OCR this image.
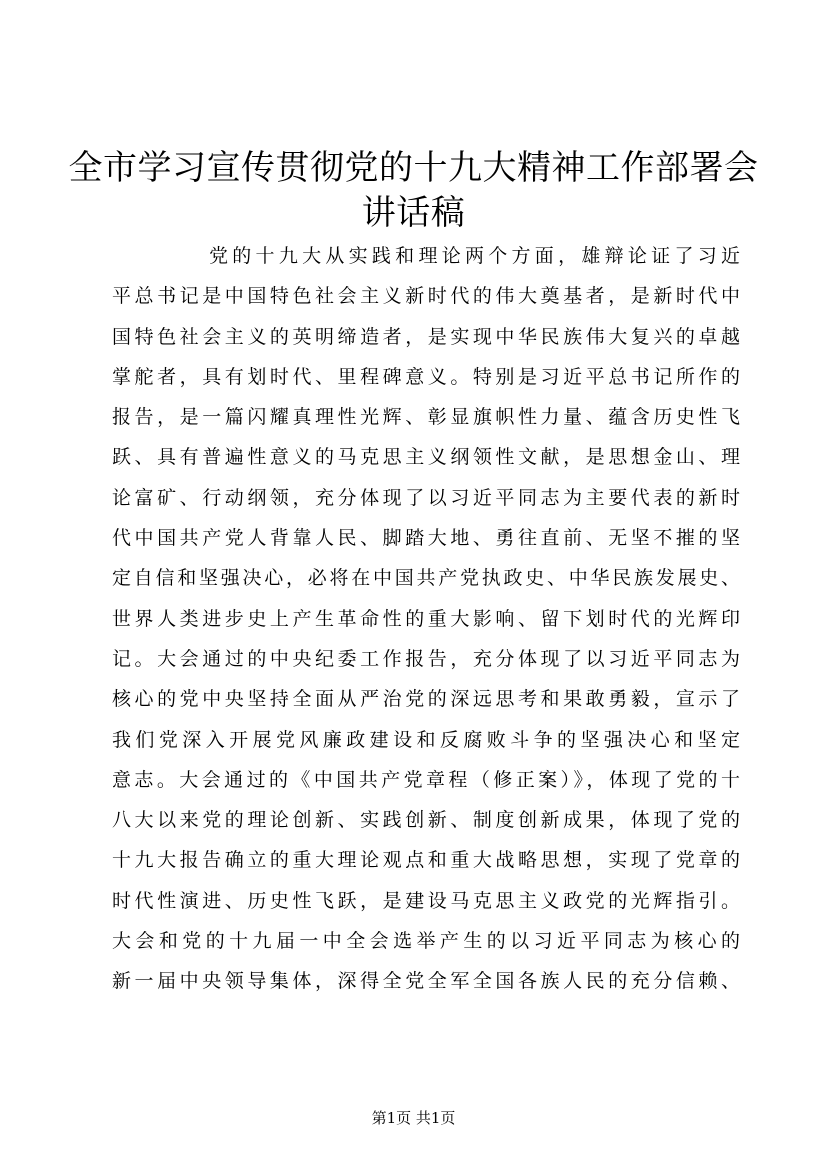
全市学习宣传贯彻党的十九大精神工作部署会
讲话稿
党的十九大从实践和理论两个方面，雄辩论证了习近
平总书记是中国特色社会主义新时代的伟大奠基者，是新时代中
国特色社会主义的英明缔造者，是实现中华民族伟大复兴的卓越
掌舵者，具有划时代、里程碑意义。特别是习近平总书记所作的
报告，是一篇闪耀真理性光辉、彰显旗帜性力量、蕴含历史性飞
跃、具有普遍性意义的马克思主义纲领性文献，是思想金山、理
论富矿、行动纲领，充分体现了以习近平同志为主要代表的新时
代中国共产党人背靠人民、脚踏大地、勇往直前、无坚不摧的坚
定自信和坚强决心，必将在中国共产党执政史、中华民族发展史、
世界人类进步史上产生革命性的重大影响、留下划时代的光辉印
记。大会通过的中央纪委工作报告，充分体现了以习近平同志为
核心的党中央坚持全面从严治党的深远思考和果敢勇毅，宣示了
我们党深入开展党风廉政建设和反腐败斗争的坚强决心和坚定
意志。大会通过的《中国共产党章程（修正案）》，体现了党的十
八大以来党的理论创新、实践创新、制度创新成果，体现了党的
十九大报告确立的重大理论观点和重大战略思想，实现了党章的
时代性演进、历史性飞跃，是建设马克思主义政党的光辉指引。
大会和党的十九届一中全会选举产生的以习近平同志为核心的
新一届中央领导集体，深得全党全军全国各族人民的充分信赖、
第1页 共1页
